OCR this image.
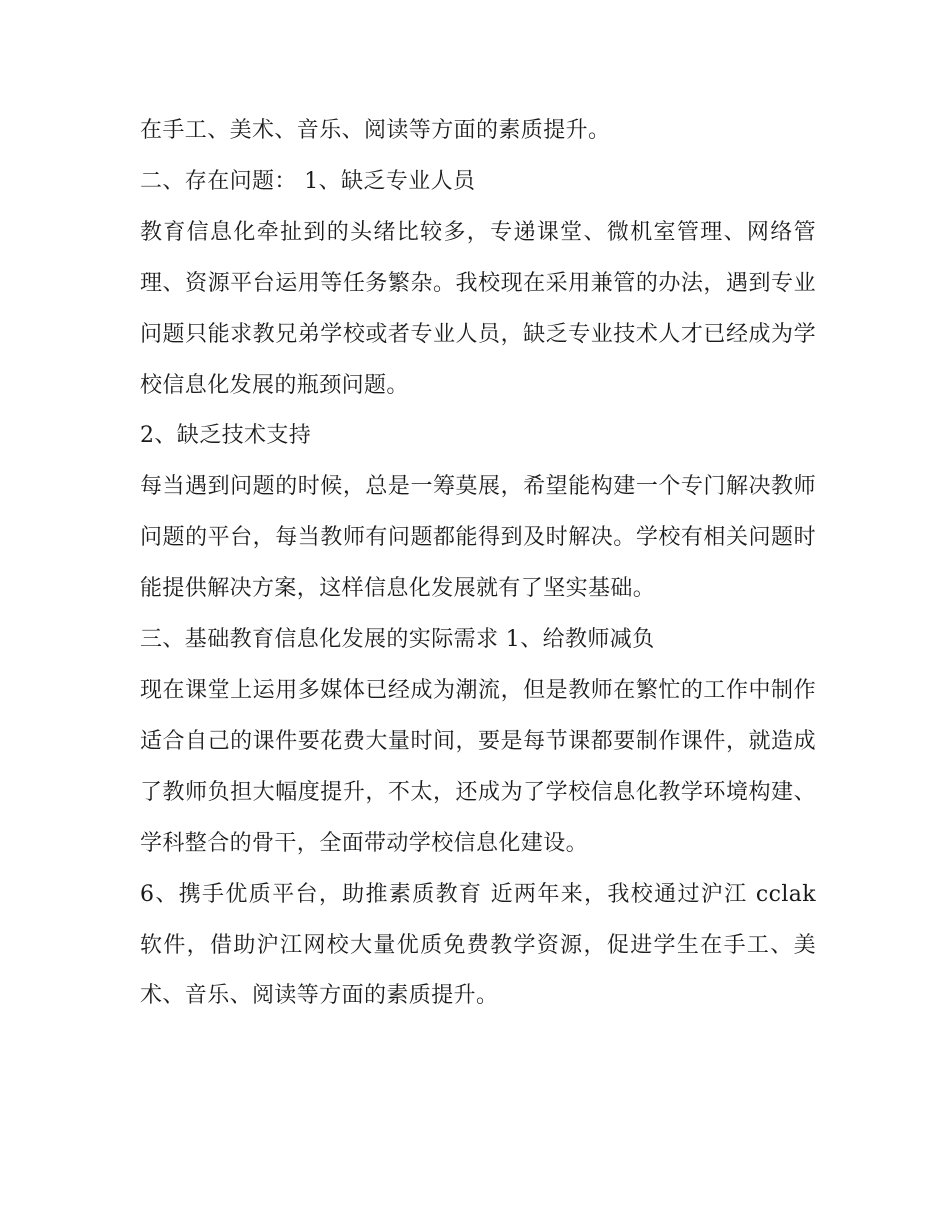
在手工、美术、音乐、阅读等方面的素质提升。

二、存在问题： 1、缺乏专业人员

教育信息化牵扯到的头绪比较多，专递课堂、微机室管理、网络管理、资源平台运用等任务繁杂。我校现在采用兼管的办法，遇到专业问题只能求教兄弟学校或者专业人员，缺乏专业技术人才已经成为学校信息化发展的瓶颈问题。

2、缺乏技术支持

每当遇到问题的时候，总是一筹莫展，希望能构建一个专门解决教师问题的平台，每当教师有问题都能得到及时解决。学校有相关问题时能提供解决方案，这样信息化发展就有了坚实基础。

三、基础教育信息化发展的实际需求 1、给教师减负

现在课堂上运用多媒体已经成为潮流，但是教师在繁忙的工作中制作适合自己的课件要花费大量时间，要是每节课都要制作课件，就造成了教师负担大幅度提升，不太，还成为了学校信息化教学环境构建、学科整合的骨干，全面带动学校信息化建设。

6、携手优质平台，助推素质教育 近两年来，我校通过沪江 cclak 软件，借助沪江网校大量优质免费教学资源，促进学生在手工、美术、音乐、阅读等方面的素质提升。
